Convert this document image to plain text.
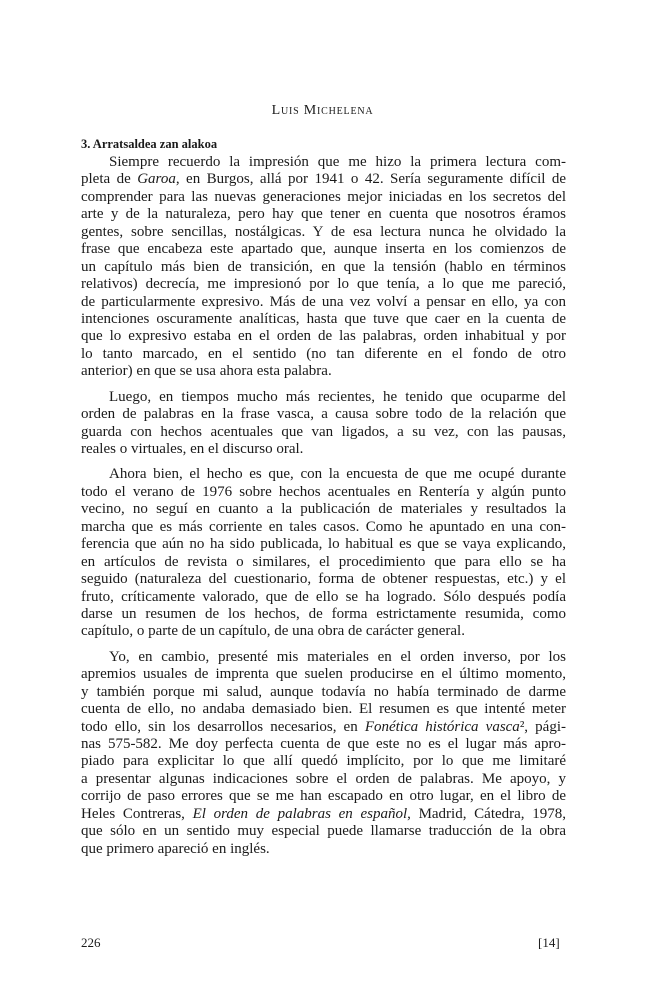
Luis Michelena
3. Arratsaldea zan alakoa
Siempre recuerdo la impresión que me hizo la primera lectura com-
pleta de Garoa, en Burgos, allá por 1941 o 42. Sería seguramente difícil de
comprender para las nuevas generaciones mejor iniciadas en los secretos del
arte y de la naturaleza, pero hay que tener en cuenta que nosotros éramos
gentes, sobre sencillas, nostálgicas. Y de esa lectura nunca he olvidado la
frase que encabeza este apartado que, aunque inserta en los comienzos de
un capítulo más bien de transición, en que la tensión (hablo en términos
relativos) decrecía, me impresionó por lo que tenía, a lo que me pareció,
de particularmente expresivo. Más de una vez volví a pensar en ello, ya con
intenciones oscuramente analíticas, hasta que tuve que caer en la cuenta de
que lo expresivo estaba en el orden de las palabras, orden inhabitual y por
lo tanto marcado, en el sentido (no tan diferente en el fondo de otro
anterior) en que se usa ahora esta palabra.
Luego, en tiempos mucho más recientes, he tenido que ocuparme del
orden de palabras en la frase vasca, a causa sobre todo de la relación que
guarda con hechos acentuales que van ligados, a su vez, con las pausas,
reales o virtuales, en el discurso oral.
Ahora bien, el hecho es que, con la encuesta de que me ocupé durante
todo el verano de 1976 sobre hechos acentuales en Rentería y algún punto
vecino, no seguí en cuanto a la publicación de materiales y resultados la
marcha que es más corriente en tales casos. Como he apuntado en una con-
ferencia que aún no ha sido publicada, lo habitual es que se vaya explicando,
en artículos de revista o similares, el procedimiento que para ello se ha
seguido (naturaleza del cuestionario, forma de obtener respuestas, etc.) y el
fruto, críticamente valorado, que de ello se ha logrado. Sólo después podía
darse un resumen de los hechos, de forma estrictamente resumida, como
capítulo, o parte de un capítulo, de una obra de carácter general.
Yo, en cambio, presenté mis materiales en el orden inverso, por los
apremios usuales de imprenta que suelen producirse en el último momento,
y también porque mi salud, aunque todavía no había terminado de darme
cuenta de ello, no andaba demasiado bien. El resumen es que intenté meter
todo ello, sin los desarrollos necesarios, en Fonética histórica vasca², pági-
nas 575-582. Me doy perfecta cuenta de que este no es el lugar más apro-
piado para explicitar lo que allí quedó implícito, por lo que me limitaré
a presentar algunas indicaciones sobre el orden de palabras. Me apoyo, y
corrijo de paso errores que se me han escapado en otro lugar, en el libro de
Heles Contreras, El orden de palabras en español, Madrid, Cátedra, 1978,
que sólo en un sentido muy especial puede llamarse traducción de la obra
que primero apareció en inglés.
226	[14]
